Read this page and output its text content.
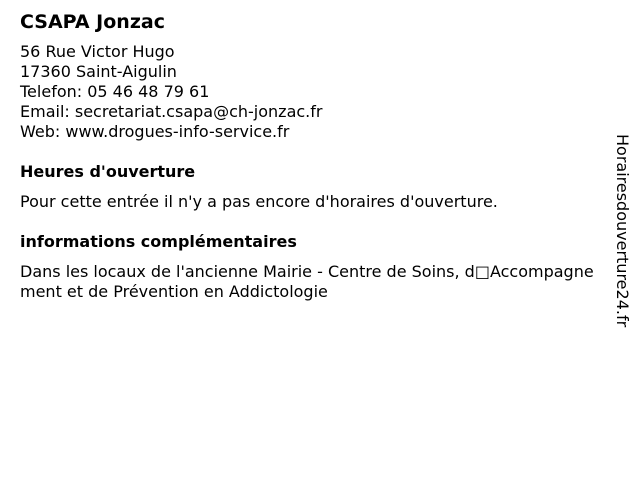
CSAPA Jonzac
56 Rue Victor Hugo
17360 Saint-Aigulin
Telefon: 05 46 48 79 61
Email: secretariat.csapa@ch-jonzac.fr
Web: www.drogues-info-service.fr
Heures d'ouverture
Pour cette entrée il n'y a pas encore d'horaires d'ouverture.
informations complémentaires
Dans les locaux de l'ancienne Mairie - Centre de Soins, d□Accompagnement et de Prévention en Addictologie	Horairesdouverture24.fr
